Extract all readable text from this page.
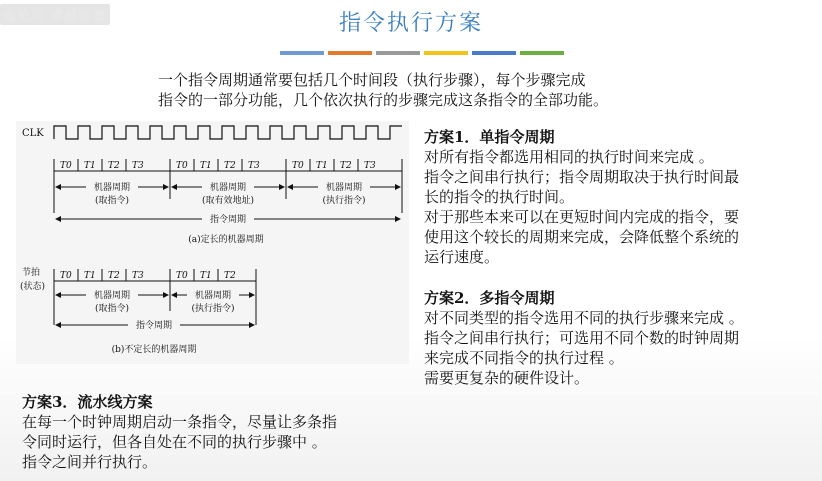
查论坛 卓越能量	指令执行方案
一个指令周期通常要包括几个时间段（执行步骤），每个步骤完成
指令的一部分功能，几个依次执行的步骤完成这条指令的全部功能。
CLK
T0 T1 T2 T3	T0 T1 T2 T3	T0 T1 T2 T3
机器周期
(取指令)
机器周期
(取有效地址)
机器周期
(执行指令)
指令周期
(a)定长的机器周期
节拍
(状态)
T0 T1 T2 T3	T0 T1 T2
机器周期
(取指令)
机器周期
(执行指令)
指令周期
(b)不定长的机器周期

方案1．单指令周期

对所有指令都选用相同的执行时间来完成 。

指令之间串行执行；指令周期取决于执行时间最

长的指令的执行时间。

对于那些本来可以在更短时间内完成的指令，要

使用这个较长的周期来完成，会降低整个系统的

运行速度。

方案2．多指令周期

对不同类型的指令选用不同的执行步骤来完成 。

指令之间串行执行；可选用不同个数的时钟周期

来完成不同指令的执行过程 。

需要更复杂的硬件设计。

方案3．流水线方案

在每一个时钟周期启动一条指令，尽量让多条指

令同时运行，但各自处在不同的执行步骤中 。

指令之间并行执行。
